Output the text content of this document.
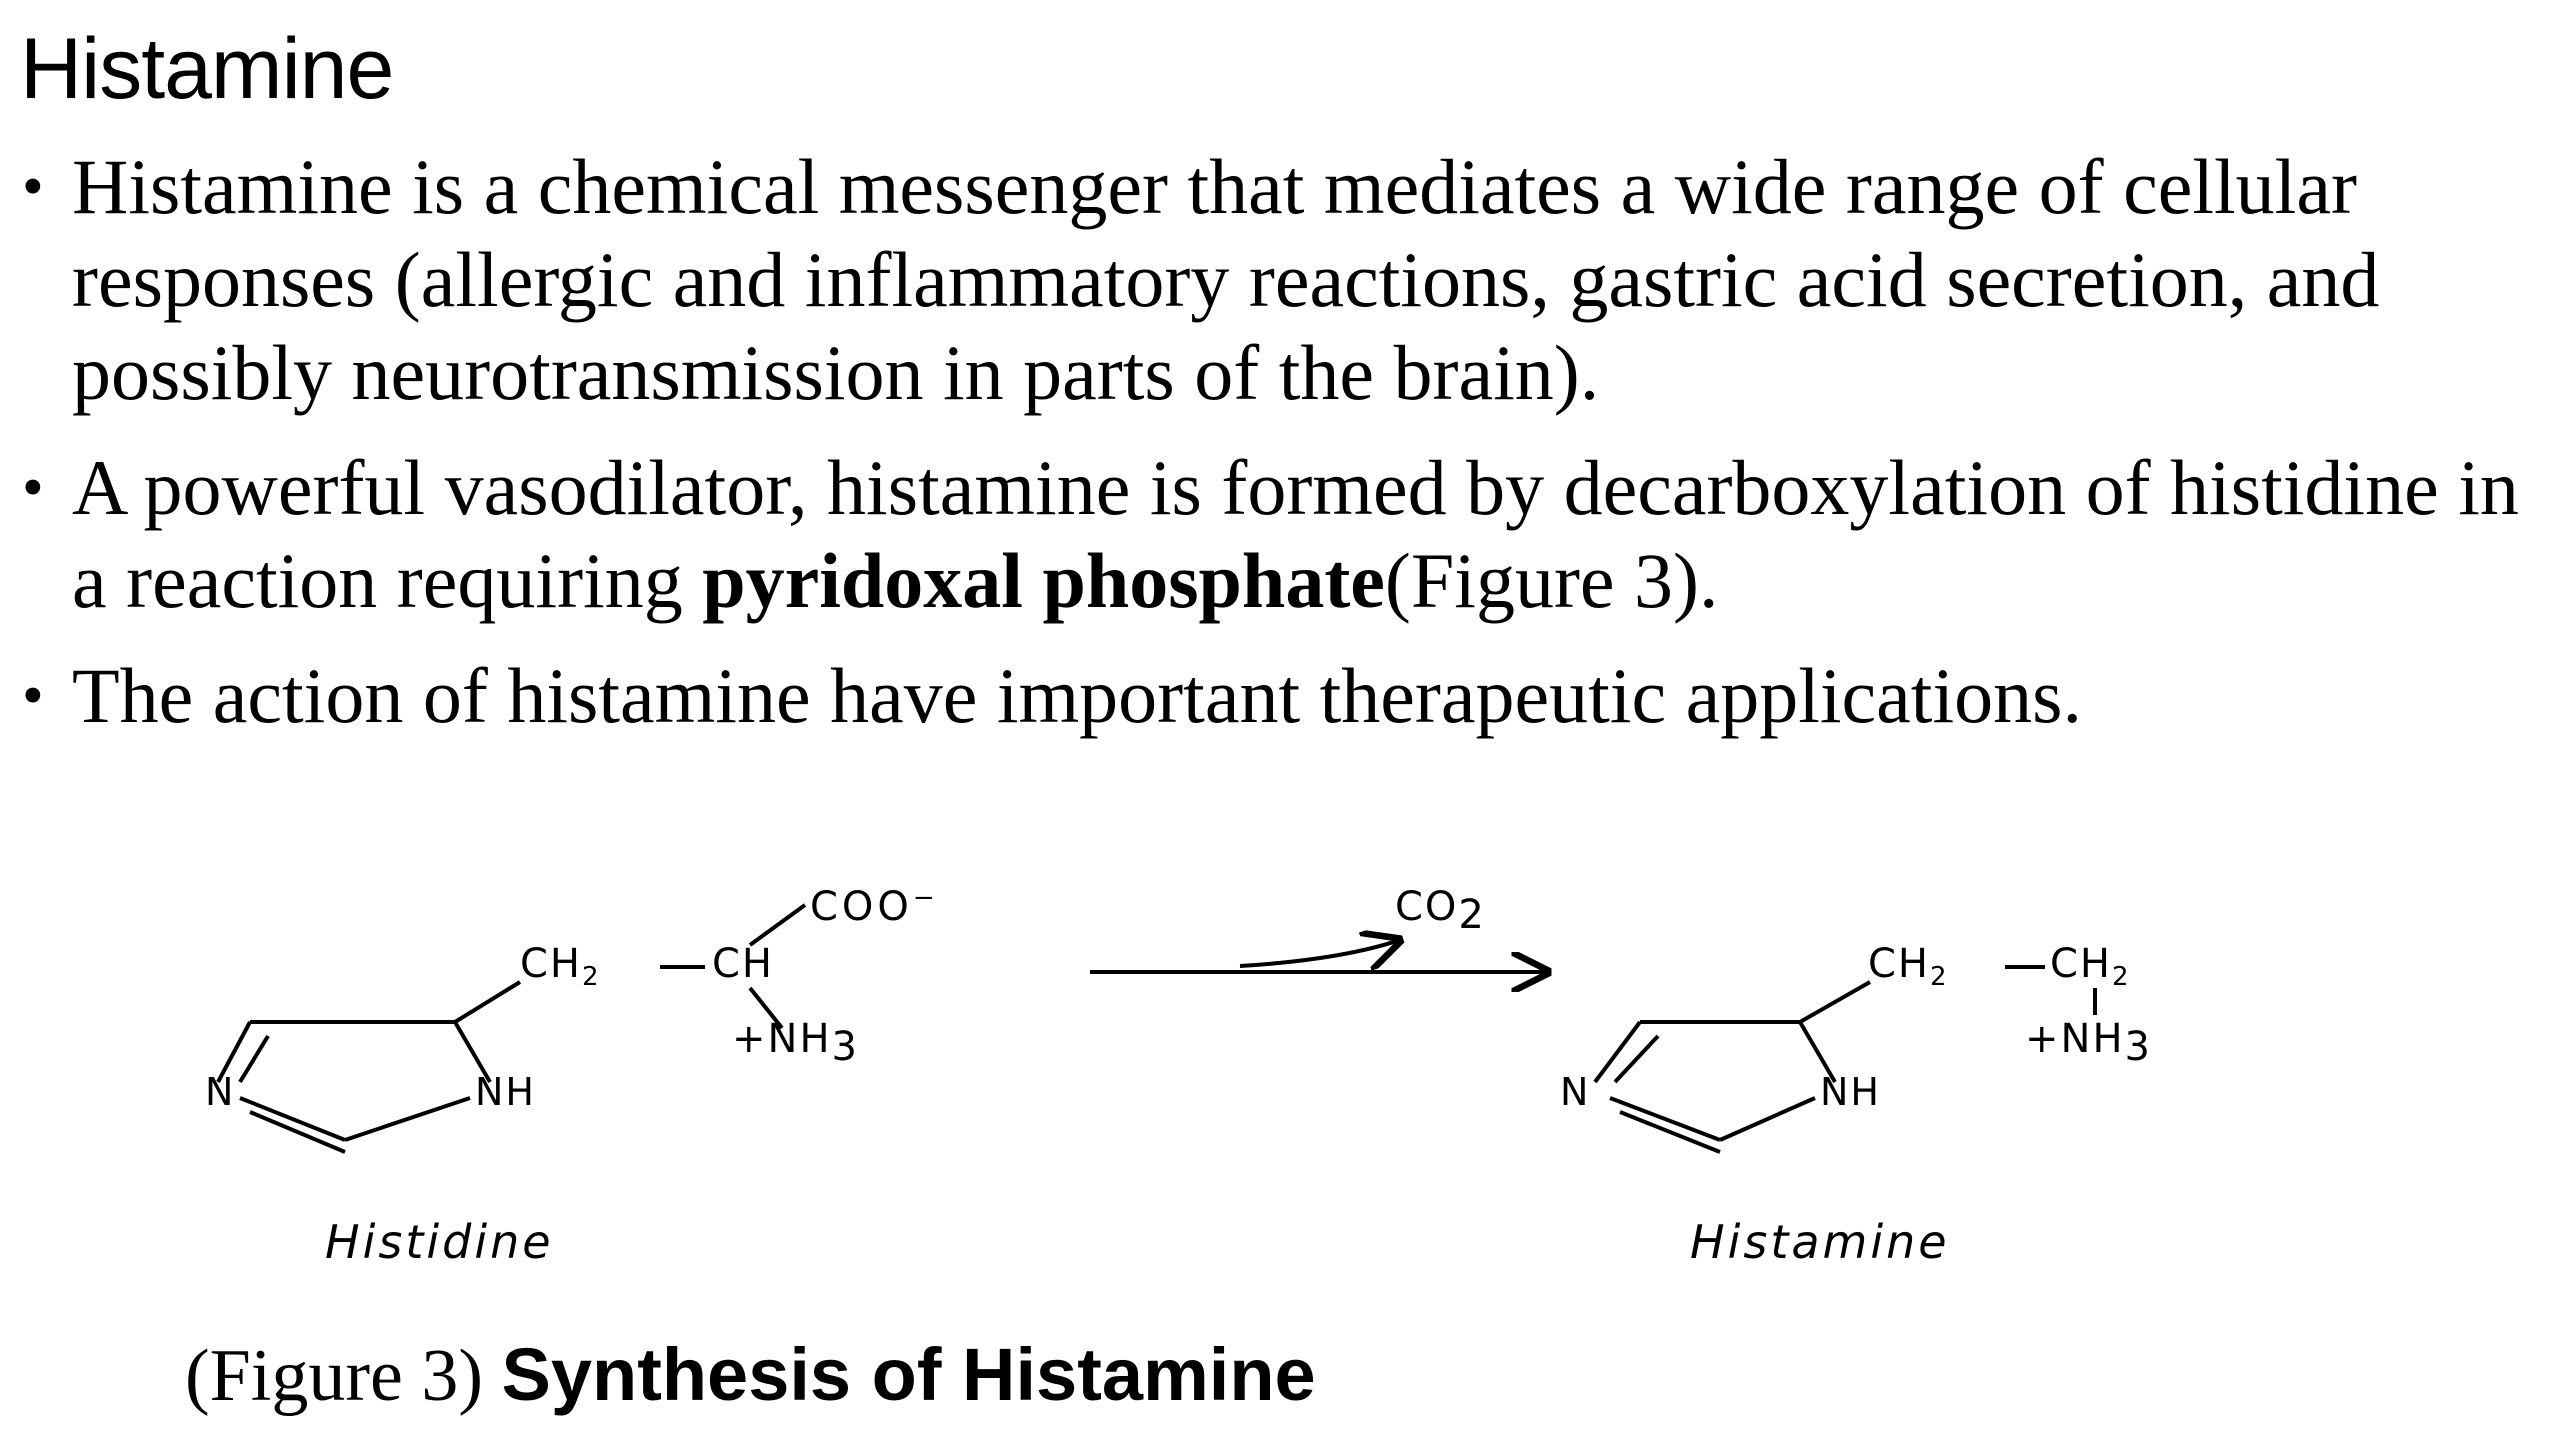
Histamine
• Histamine is a chemical messenger that mediates a wide range of cellular responses (allergic and inflammatory reactions, gastric acid secretion, and possibly neurotransmission in parts of the brain).
• A powerful vasodilator, histamine is formed by decarboxylation of histidine in a reaction requiring pyridoxal phosphate(Figure 3).
• The action of histamine have important therapeutic applications.
$CH_2$	CH
COO−
+NH3
N	NH
Histidine
CO2
$CH_2$	$CH_2$
+NH3
N	NH
Histamine
(Figure 3) Synthesis of Histamine
